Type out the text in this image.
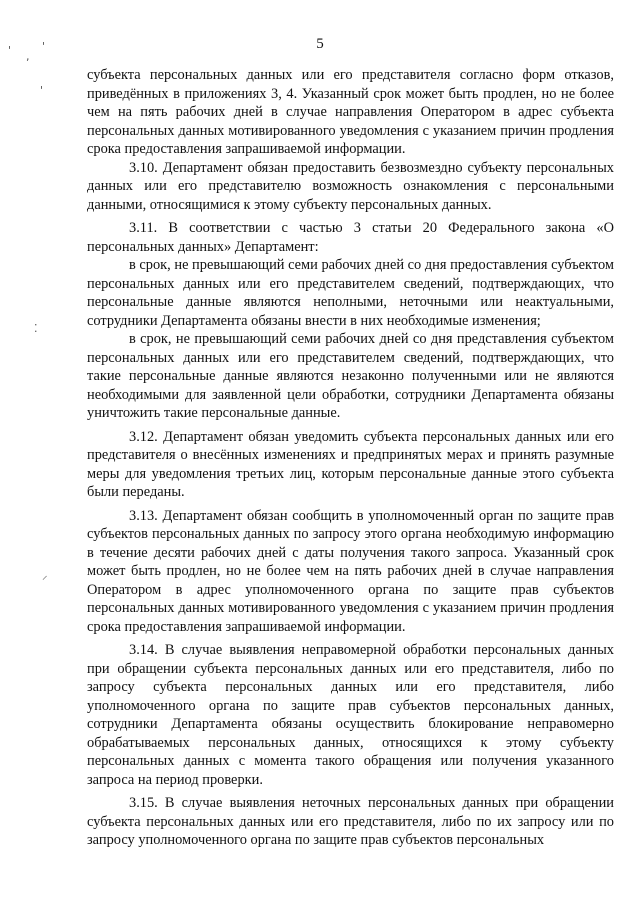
' ,
'
'
⁚
⸝
5

субъекта персональных данных или его представителя согласно форм отказов, приведённых в приложениях 3, 4. Указанный срок может быть продлен, но не более чем на пять рабочих дней в случае направления Оператором в адрес субъекта персональных данных мотивированного уведомления с указанием причин продления срока предоставления запрашиваемой информации.

3.10. Департамент обязан предоставить безвозмездно субъекту персональных данных или его представителю возможность ознакомления с персональными данными, относящимися к этому субъекту персональных данных.

3.11. В соответствии с частью 3 статьи 20 Федерального закона «О персональных данных» Департамент:

в срок, не превышающий семи рабочих дней со дня предоставления субъектом персональных данных или его представителем сведений, подтверждающих, что персональные данные являются неполными, неточными или неактуальными, сотрудники Департамента обязаны внести в них необходимые изменения;

в срок, не превышающий семи рабочих дней со дня представления субъектом персональных данных или его представителем сведений, подтверждающих, что такие персональные данные являются незаконно полученными или не являются необходимыми для заявленной цели обработки, сотрудники Департамента обязаны уничтожить такие персональные данные.

3.12. Департамент обязан уведомить субъекта персональных данных или его представителя о внесённых изменениях и предпринятых мерах и принять разумные меры для уведомления третьих лиц, которым персональные данные этого субъекта были переданы.

3.13. Департамент обязан сообщить в уполномоченный орган по защите прав субъектов персональных данных по запросу этого органа необходимую информацию в течение десяти рабочих дней с даты получения такого запроса. Указанный срок может быть продлен, но не более чем на пять рабочих дней в случае направления Оператором в адрес уполномоченного органа по защите прав субъектов персональных данных мотивированного уведомления с указанием причин продления срока предоставления запрашиваемой информации.

3.14. В случае выявления неправомерной обработки персональных данных при обращении субъекта персональных данных или его представителя, либо по запросу субъекта персональных данных или его представителя, либо уполномоченного органа по защите прав субъектов персональных данных, сотрудники Департамента обязаны осуществить блокирование неправомерно обрабатываемых персональных данных, относящихся к этому субъекту персональных данных с момента такого обращения или получения указанного запроса на период проверки.

3.15. В случае выявления неточных персональных данных при обращении субъекта персональных данных или его представителя, либо по их запросу или по запросу уполномоченного органа по защите прав субъектов персональных
